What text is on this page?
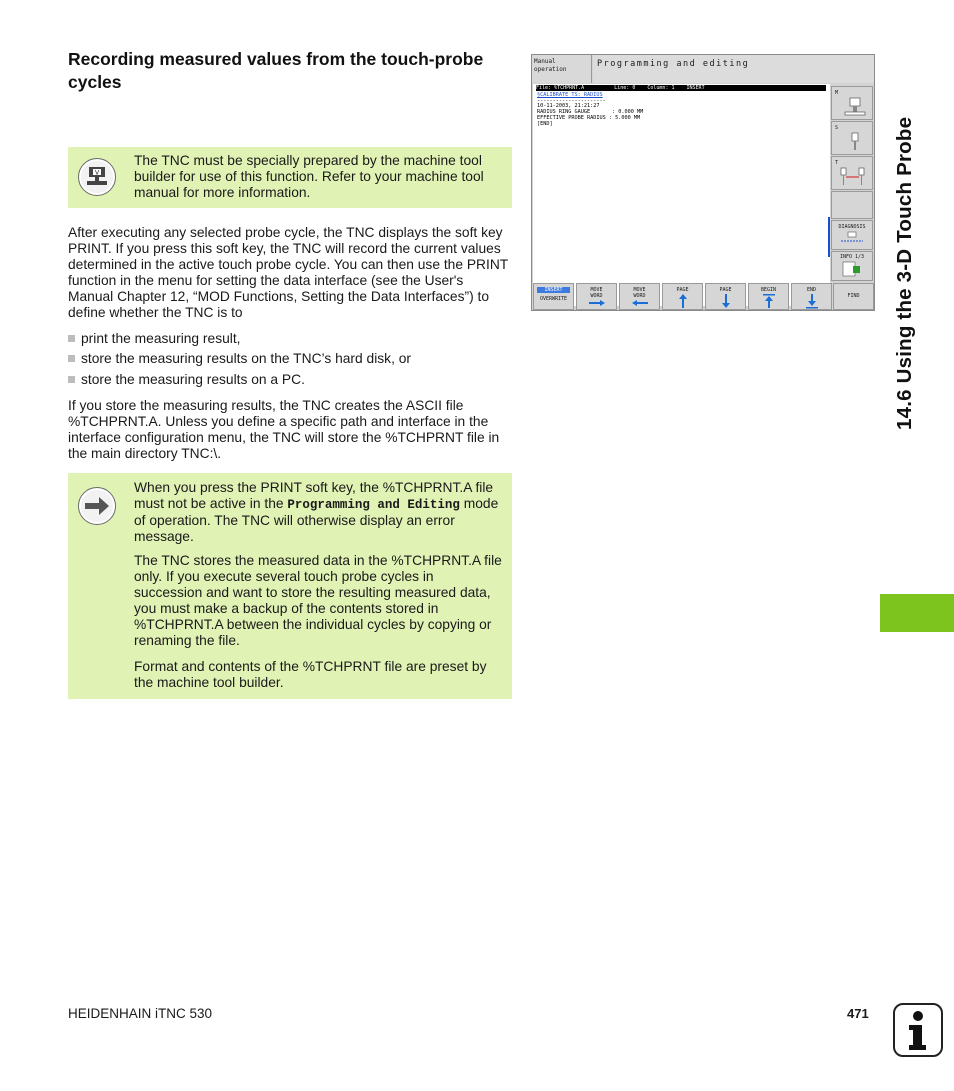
Recording measured values from the touch-probe cycles
V

The TNC must be specially prepared by the machine tool builder for use of this function. Refer to your machine tool manual for more information.

After executing any selected probe cycle, the TNC displays the soft key PRINT. If you press this soft key, the TNC will record the current values determined in the active touch probe cycle. You can then use the PRINT function in the menu for setting the data interface (see the User's Manual Chapter 12, “MOD Functions, Setting the Data Interfaces”) to define whether the TNC is to

print the measuring result,
store the measuring results on the TNC’s hard disk, or
store the measuring results on a PC.

If you store the measuring results, the TNC creates the ASCII file %TCHPRNT.A. Unless you define a specific path and interface in the interface configuration menu, the TNC will store the %TCHPRNT file in the main directory TNC:\.

When you press the PRINT soft key, the %TCHPRNT.A file must not be active in the Programming and Editing mode of operation. The TNC will otherwise display an error message.

The TNC stores the measured data in the %TCHPRNT.A file only. If you execute several touch probe cycles in succession and want to store the resulting measured data, you must make a backup of the contents stored in %TCHPRNT.A between the individual cycles by copying or renaming the file.

Format and contents of the %TCHPRNT file are preset by the machine tool builder.

Manual
operation
Programming and editing
File: %TCHPRNT.A          Line: 0    Column: 1    INSERT
§CALIBRATE TS: RADIUS
----------------------
10-11-2003, 21:21:27
RADIUS RING GAUGE       : 0.000 MM
EFFECTIVE PROBE RADIUS : 5.000 MM
[END]
M
S
T
DIAGNOSIS
INFO 1/3
INSERT
OVERWRITE
MOVE
WORD
MOVE
WORD
PAGE	PAGE	BEGIN	END
FIND	14.6 Using the 3-D Touch Probe
HEIDENHAIN iTNC 530	471
